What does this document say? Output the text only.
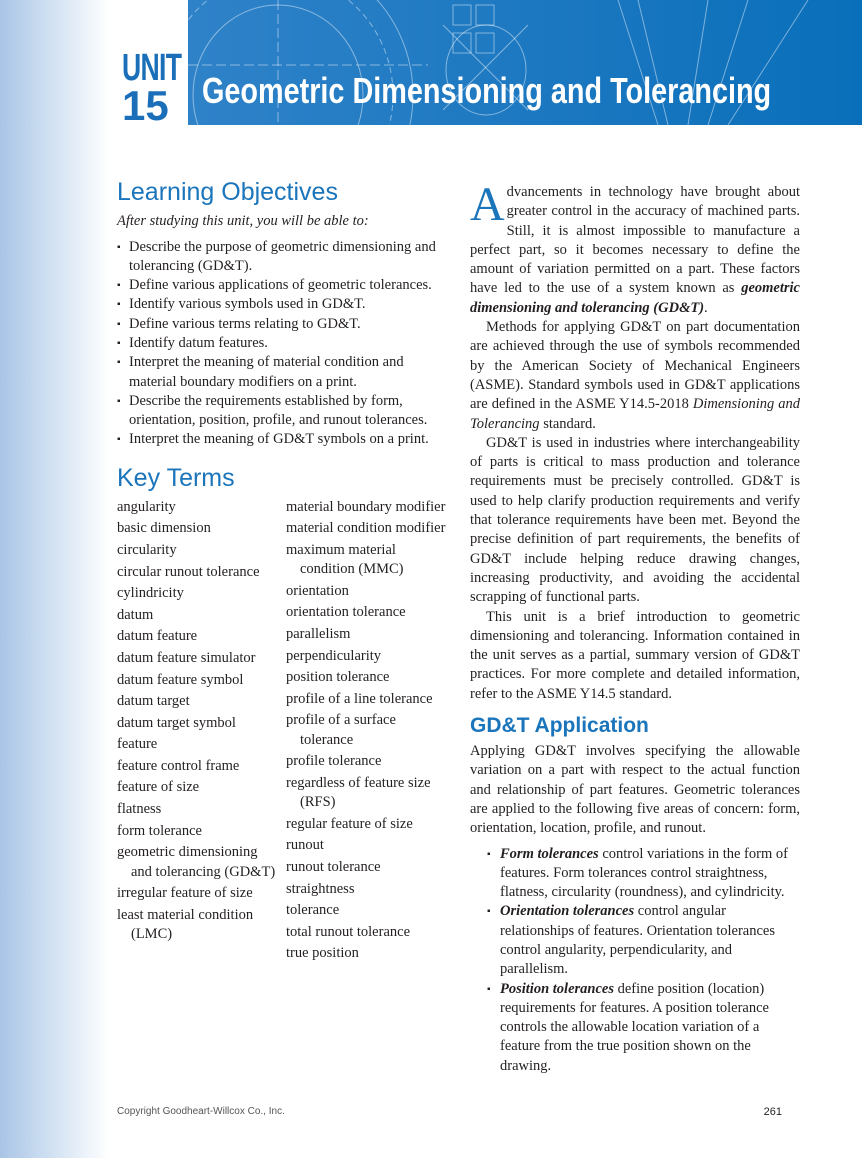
UNIT
15 Geometric Dimensioning and Tolerancing
Learning Objectives
After studying this unit, you will be able to:
▪ Describe the purpose of geometric dimensioning and tolerancing (GD&T).
▪ Define various applications of geometric tolerances.
▪ Identify various symbols used in GD&T.
▪ Define various terms relating to GD&T.
▪ Identify datum features.
▪ Interpret the meaning of material condition and material boundary modifiers on a print.
▪ Describe the requirements established by form, orientation, position, profile, and runout tolerances.
▪ Interpret the meaning of GD&T symbols on a print.
Key Terms
angularity
basic dimension
circularity
circular runout tolerance
cylindricity
datum
datum feature
datum feature simulator
datum feature symbol
datum target
datum target symbol
feature
feature control frame
feature of size
flatness
form tolerance
geometric dimensioning and tolerancing (GD&T)
irregular feature of size
least material condition (LMC)
material boundary modifier
material condition modifier
maximum material condition (MMC)
orientation
orientation tolerance
parallelism
perpendicularity
position tolerance
profile of a line tolerance
profile of a surface tolerance
profile tolerance
regardless of feature size (RFS)
regular feature of size
runout
runout tolerance
straightness
tolerance
total runout tolerance
true position

Advancements in technology have brought about greater control in the accuracy of machined parts. Still, it is almost impossible to manufacture a perfect part, so it becomes necessary to define the amount of variation permitted on a part. These factors have led to the use of a system known as geometric dimensioning and tolerancing (GD&T).

Methods for applying GD&T on part documentation are achieved through the use of symbols recommended by the American Society of Mechanical Engineers (ASME). Standard symbols used in GD&T applications are defined in the ASME Y14.5-2018 Dimensioning and Tolerancing standard.

GD&T is used in industries where interchangeability of parts is critical to mass production and tolerance requirements must be precisely controlled. GD&T is used to help clarify production requirements and verify that tolerance requirements have been met. Beyond the precise definition of part requirements, the benefits of GD&T include helping reduce drawing changes, increasing productivity, and avoiding the accidental scrapping of functional parts.

This unit is a brief introduction to geometric dimensioning and tolerancing. Information contained in the unit serves as a partial, summary version of GD&T practices. For more complete and detailed information, refer to the ASME Y14.5 standard.

GD&T Application

Applying GD&T involves specifying the allowable variation on a part with respect to the actual function and relationship of part features. Geometric tolerances are applied to the following five areas of concern: form, orientation, location, profile, and runout.

▪ Form tolerances control variations in the form of features. Form tolerances control straightness, flatness, circularity (roundness), and cylindricity.
▪ Orientation tolerances control angular relationships of features. Orientation tolerances control angularity, perpendicularity, and parallelism.
▪ Position tolerances define position (location) requirements for features. A position tolerance controls the allowable location variation of a feature from the true position shown on the drawing.
Copyright Goodheart-Willcox Co., Inc.	261
